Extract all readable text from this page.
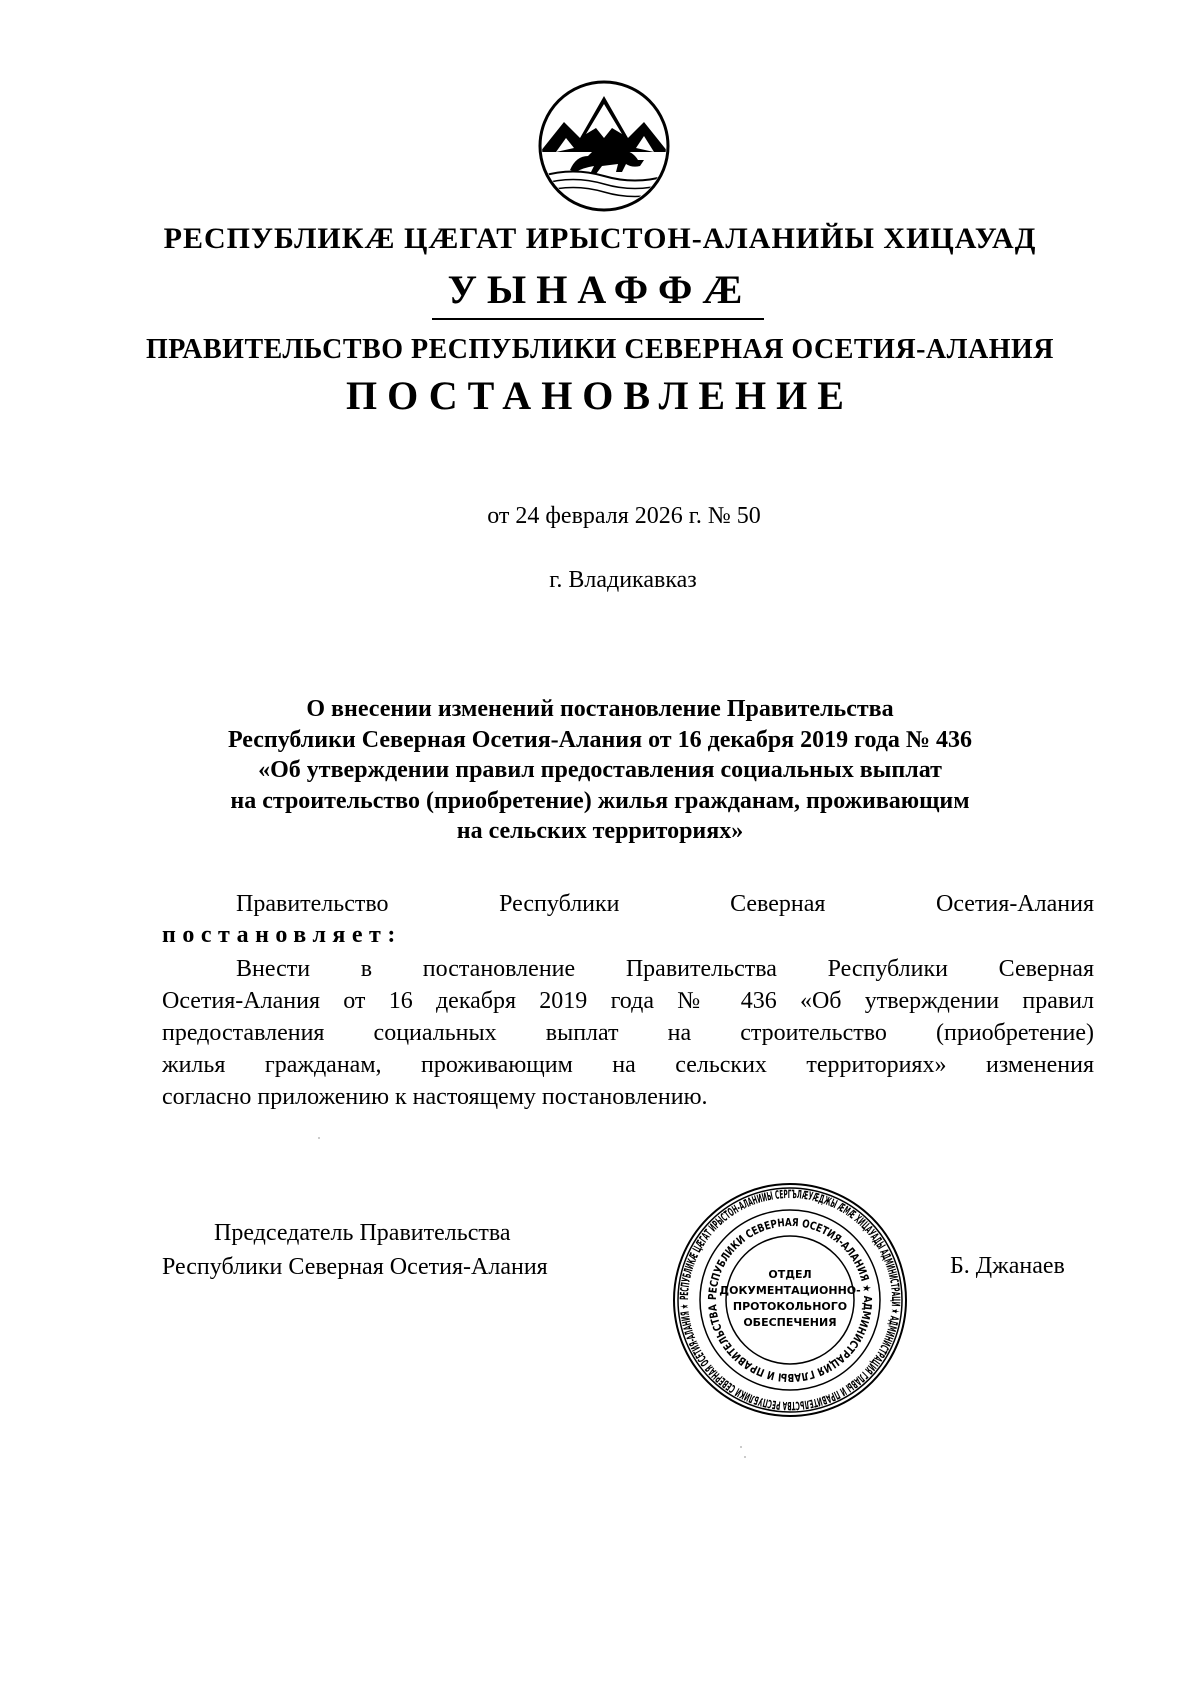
РЕСПУБЛИКӔ ЦӔГАТ ИРЫСТОН-АЛАНИЙЫ ХИЦАУАД
УЫНАФФӔ
ПРАВИТЕЛЬСТВО РЕСПУБЛИКИ СЕВЕРНАЯ ОСЕТИЯ-АЛАНИЯ
ПОСТАНОВЛЕНИЕ
от 24 февраля 2026 г. № 50
г. Владикавказ
О внесении изменений постановление Правительства
Республики Северная Осетия-Алания от 16 декабря 2019 года № 436
«Об утверждении правил предоставления социальных выплат
на строительство (приобретение) жилья гражданам, проживающим
на сельских территориях»
Правительство Республики Северная Осетия-Алания
постановляет:
Внести в постановление Правительства Республики Северная
Осетия-Алания от 16 декабря 2019 года № 436 «Об утверждении правил
предоставления социальных выплат на строительство (приобретение)
жилья гражданам, проживающим на сельских территориях» изменения
согласно приложению к настоящему постановлению.
Председатель Правительства
Республики Северная Осетия-Алания	Б. Джанаев
РЕСПУБЛИКӔ ЦӔГАТ ИРЫСТОН-АЛАНИЙЫ СЕРГЪЛÆУÆДЖЫ ÆМÆ ХИЦАУАДЫ АДМИНИСТРАЦИ ★ АДМИНИСТРАЦИЯ ГЛАВЫ И ПРАВИТЕЛЬСТВА РЕСПУБЛИКИ СЕВЕРНАЯ ОСЕТИЯ-АЛАНИЯ ★
РЕСПУБЛИКИ СЕВЕРНАЯ ОСЕТИЯ-АЛАНИЯ ★ АДМИНИСТРАЦИЯ ГЛАВЫ И ПРАВИТЕЛЬСТВА
ОТДЕЛ
ДОКУМЕНТАЦИОННО-
ПРОТОКОЛЬНОГО
ОБЕСПЕЧЕНИЯ
